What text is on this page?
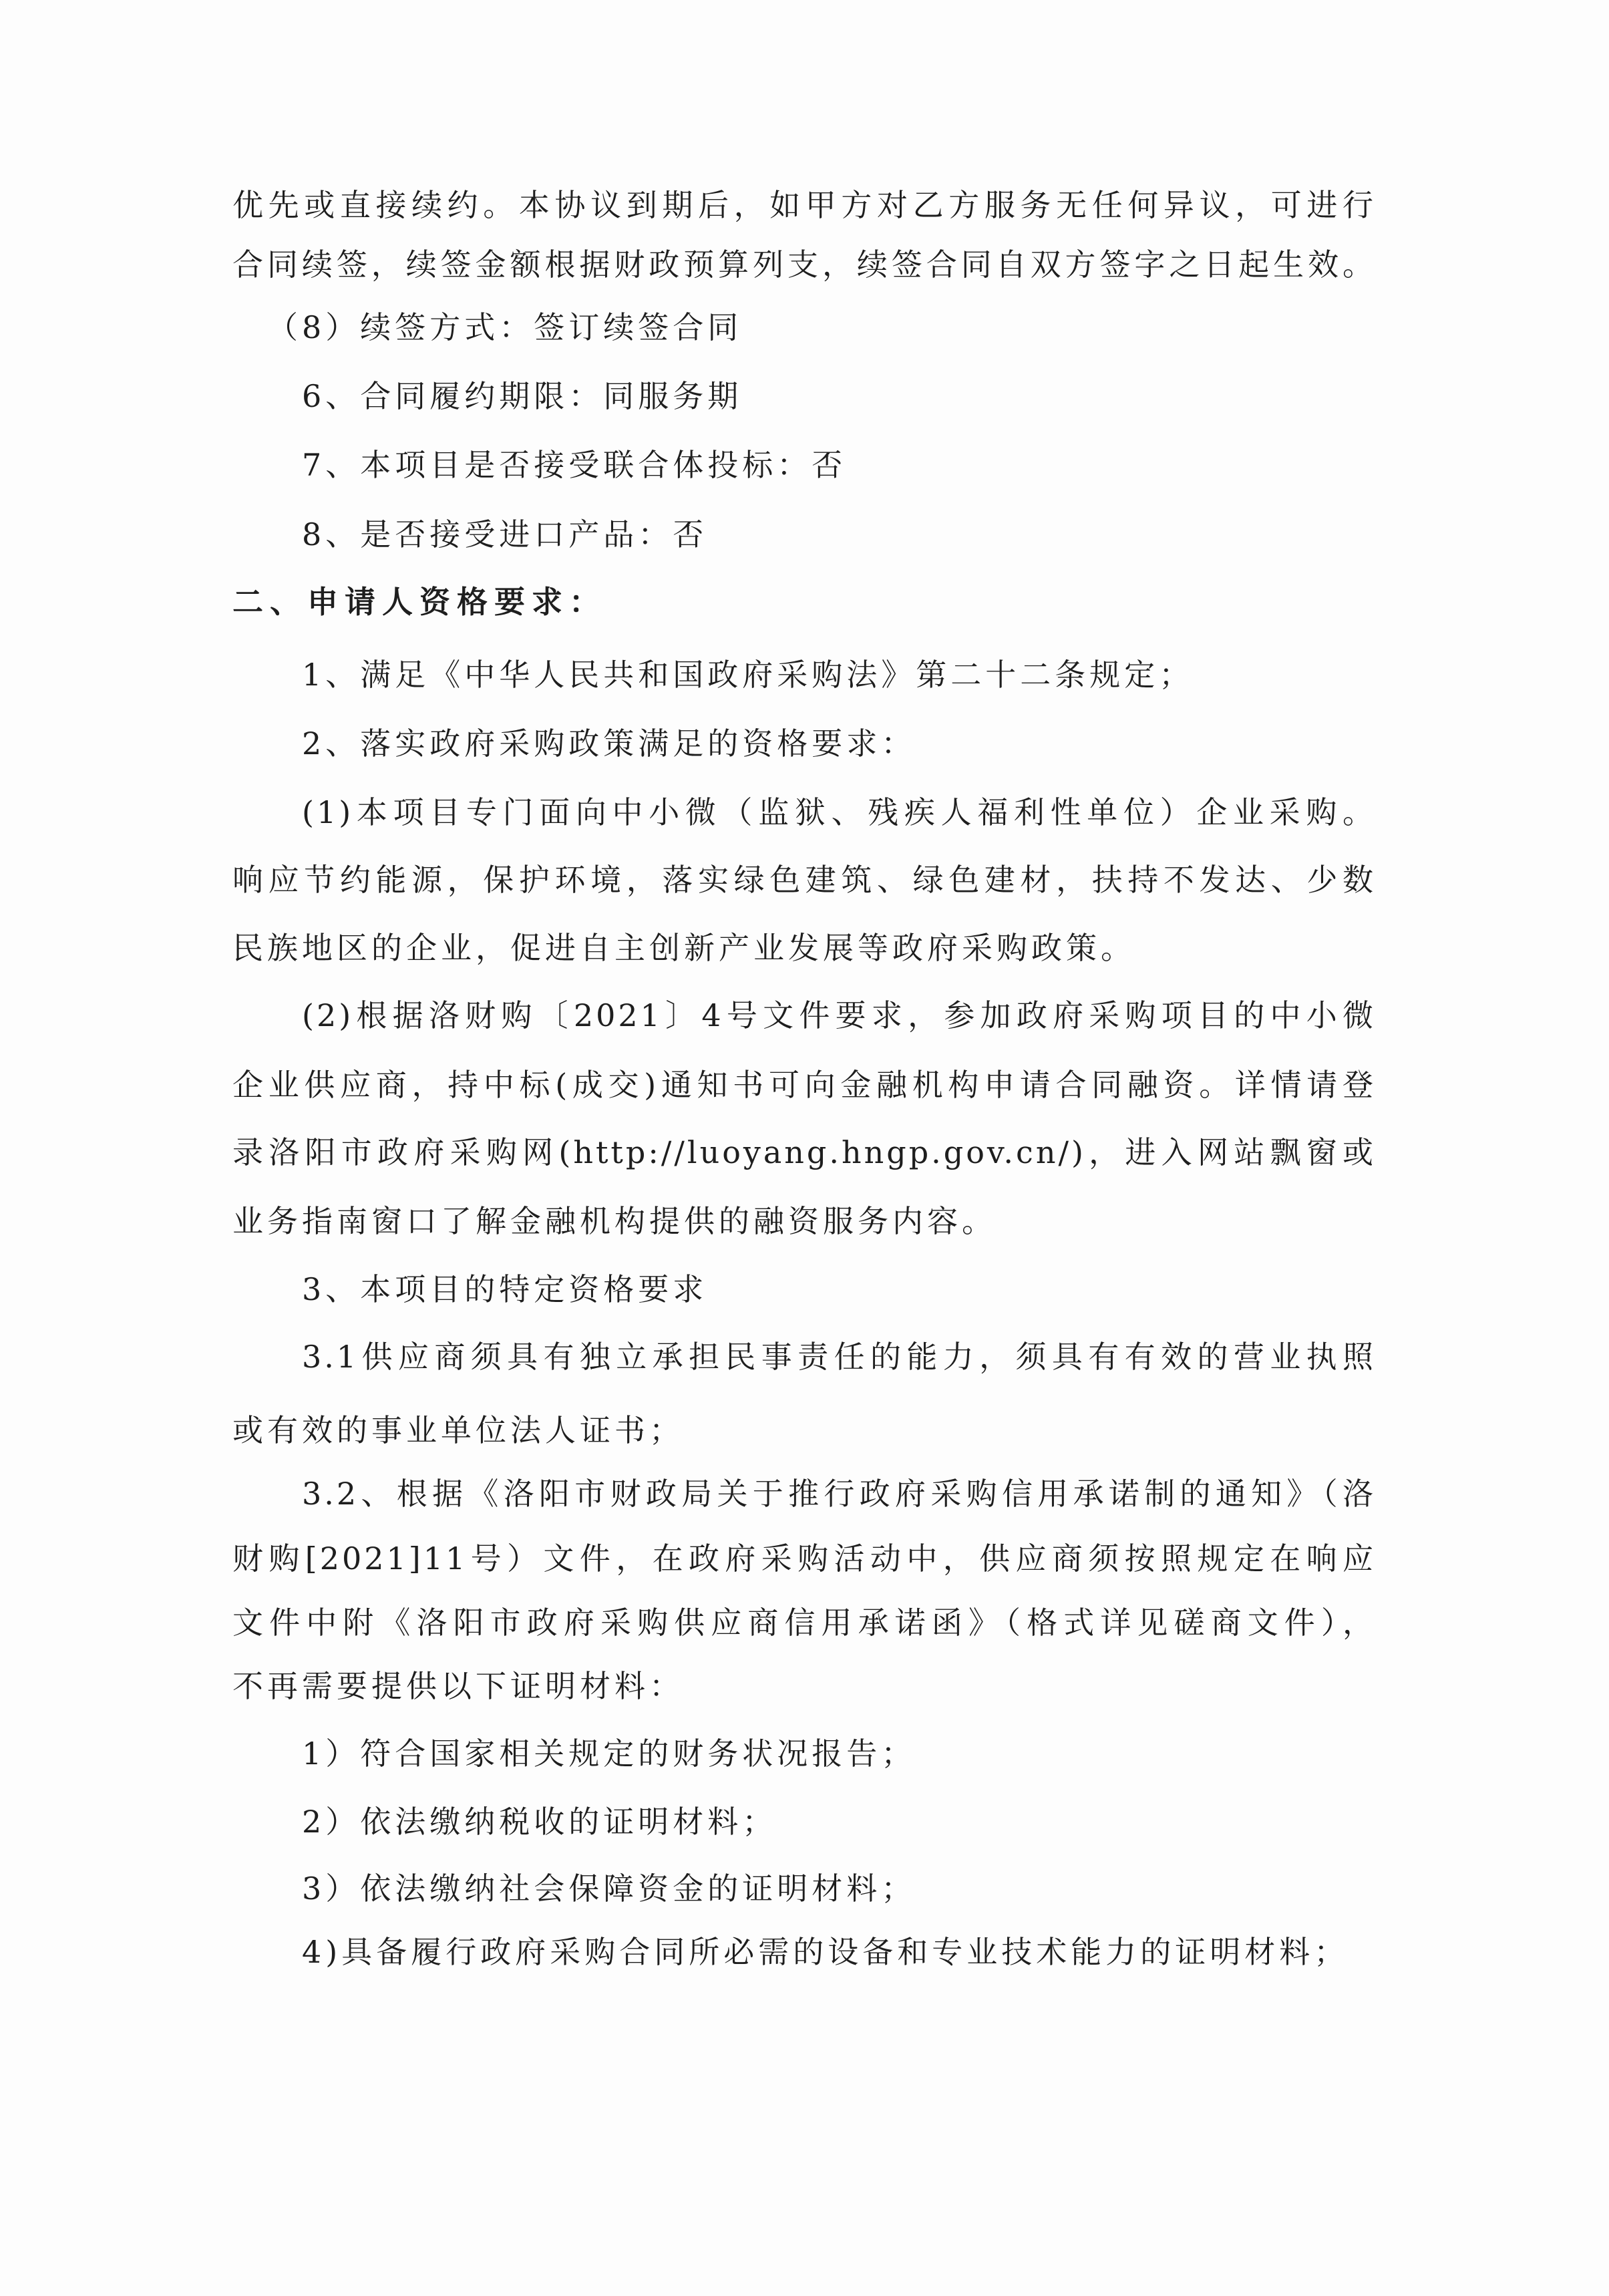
优先或直接续约。本协议到期后，如甲方对乙方服务无任何异议，可进行
合同续签，续签金额根据财政预算列支，续签合同自双方签字之日起生效。
（8）续签方式：签订续签合同
6、合同履约期限：同服务期
7、本项目是否接受联合体投标：否
8、是否接受进口产品：否
二、申请人资格要求：
1、满足《中华人民共和国政府采购法》第二十二条规定；
2、落实政府采购政策满足的资格要求：
(1)本项目专门面向中小微（监狱、残疾人福利性单位）企业采购。
响应节约能源，保护环境，落实绿色建筑、绿色建材，扶持不发达、少数
民族地区的企业，促进自主创新产业发展等政府采购政策。
(2)根据洛财购〔2021〕4号文件要求，参加政府采购项目的中小微
企业供应商，持中标(成交)通知书可向金融机构申请合同融资。详情请登
录洛阳市政府采购网(http://luoyang.hngp.gov.cn/)，进入网站飘窗或
业务指南窗口了解金融机构提供的融资服务内容。
3、本项目的特定资格要求
3.1供应商须具有独立承担民事责任的能力，须具有有效的营业执照
或有效的事业单位法人证书；
3.2、根据《洛阳市财政局关于推行政府采购信用承诺制的通知》（洛
财购[2021]11号）文件，在政府采购活动中，供应商须按照规定在响应
文件中附《洛阳市政府采购供应商信用承诺函》（格式详见磋商文件），
不再需要提供以下证明材料：
1）符合国家相关规定的财务状况报告；
2）依法缴纳税收的证明材料；
3）依法缴纳社会保障资金的证明材料；
4)具备履行政府采购合同所必需的设备和专业技术能力的证明材料；
